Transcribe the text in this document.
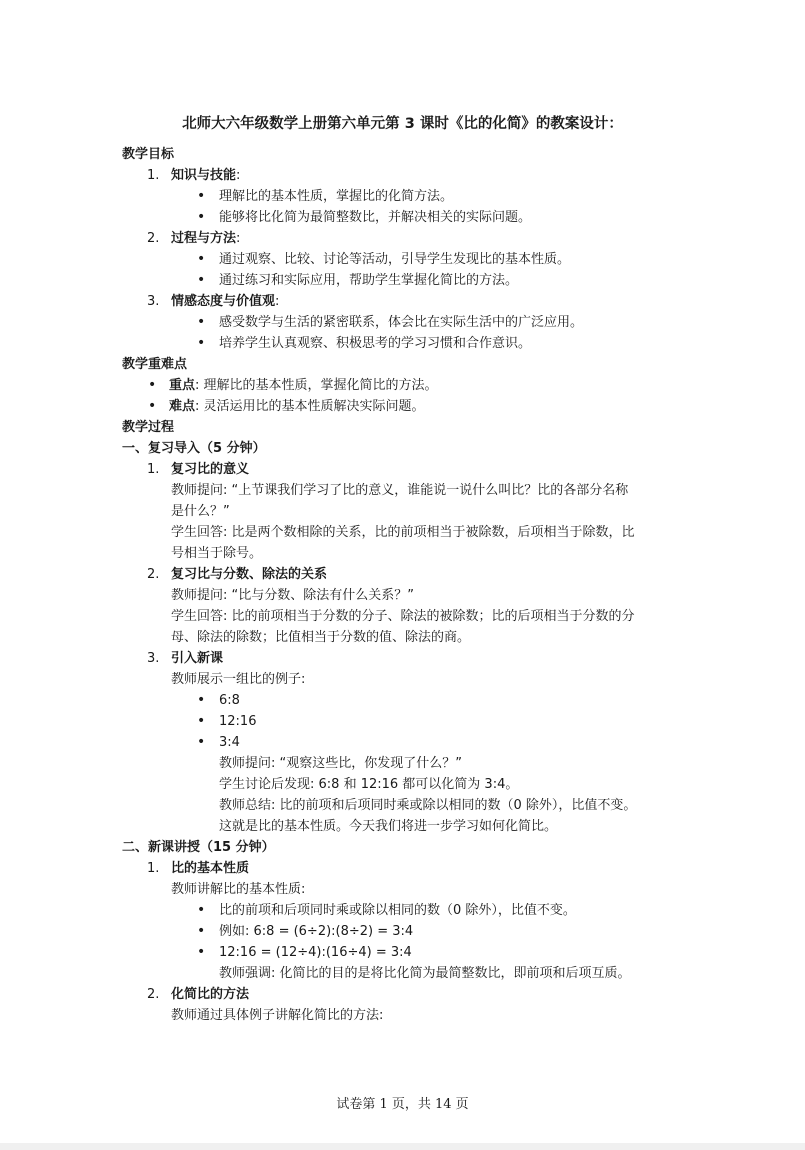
北师大六年级数学上册第六单元第 3 课时《比的化简》的教案设计：
教学目标
1 .	知识与技能:
• 理解比的基本性质，掌握比的化简方法。
• 能够将比化简为最简整数比，并解决相关的实际问题。
2 .	过程与方法:
• 通过观察、比较、讨论等活动，引导学生发现比的基本性质。
• 通过练习和实际应用，帮助学生掌握化简比的方法。
3 .	情感态度与价值观:
• 感受数学与生活的紧密联系，体会比在实际生活中的广泛应用。
• 培养学生认真观察、积极思考的学习习惯和合作意识。
教学重难点
• 重点: 理解比的基本性质，掌握化简比的方法。
• 难点: 灵活运用比的基本性质解决实际问题。
教学过程
一、复习导入（5 分钟）
1 .	复习比的意义
教师提问: “上节课我们学习了比的意义，谁能说一说什么叫比？比的各部分名称
是什么？”
学生回答: 比是两个数相除的关系，比的前项相当于被除数，后项相当于除数，比
号相当于除号。
2 .	复习比与分数、除法的关系
教师提问: “比与分数、除法有什么关系？”
学生回答: 比的前项相当于分数的分子、除法的被除数；比的后项相当于分数的分
母、除法的除数；比值相当于分数的值、除法的商。
3 .	引入新课
教师展示一组比的例子:
• 6:8
• 12:16
• 3:4
教师提问: “观察这些比，你发现了什么？”
学生讨论后发现: 6:8 和 12:16 都可以化简为 3:4。
教师总结: 比的前项和后项同时乘或除以相同的数（0 除外），比值不变。
这就是比的基本性质。今天我们将进一步学习如何化简比。
二、新课讲授（15 分钟）
1 .	比的基本性质
教师讲解比的基本性质:
• 比的前项和后项同时乘或除以相同的数（0 除外），比值不变。
• 例如: 6:8 = (6÷2):(8÷2) = 3:4
• 12:16 = (12÷4):(16÷4) = 3:4
教师强调: 化简比的目的是将比化简为最简整数比，即前项和后项互质。
2 .	化简比的方法
教师通过具体例子讲解化简比的方法:
试卷第 1 页，共 14 页
